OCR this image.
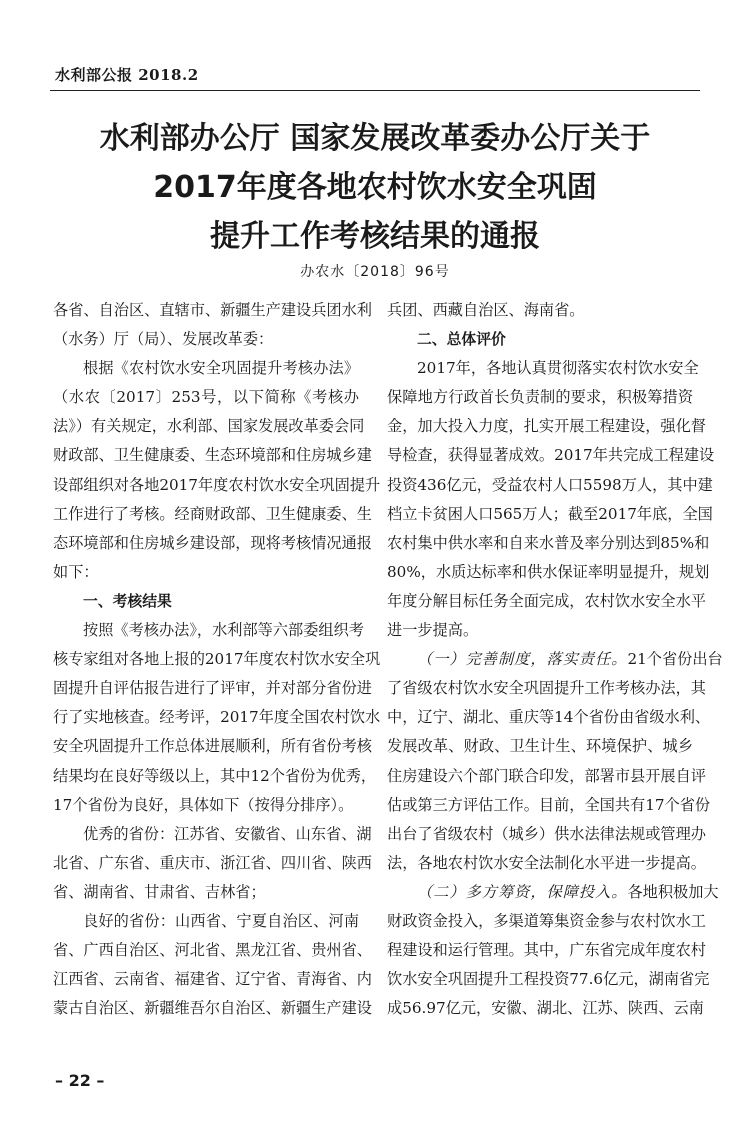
水利部公报 2018.2
水利部办公厅 国家发展改革委办公厅关于
2017年度各地农村饮水安全巩固
提升工作考核结果的通报
办农水〔2018〕96号
各省、自治区、直辖市、新疆生产建设兵团水利
（水务）厅（局）、发展改革委：
根据《农村饮水安全巩固提升考核办法》
（水农〔2017〕253号，以下简称《考核办
法》）有关规定，水利部、国家发展改革委会同
财政部、卫生健康委、生态环境部和住房城乡建
设部组织对各地2017年度农村饮水安全巩固提升
工作进行了考核。经商财政部、卫生健康委、生
态环境部和住房城乡建设部，现将考核情况通报
如下：
一、考核结果
按照《考核办法》，水利部等六部委组织考
核专家组对各地上报的2017年度农村饮水安全巩
固提升自评估报告进行了评审，并对部分省份进
行了实地核查。经考评，2017年度全国农村饮水
安全巩固提升工作总体进展顺利，所有省份考核
结果均在良好等级以上，其中12个省份为优秀，
17个省份为良好，具体如下（按得分排序）。
优秀的省份：江苏省、安徽省、山东省、湖
北省、广东省、重庆市、浙江省、四川省、陕西
省、湖南省、甘肃省、吉林省；
良好的省份：山西省、宁夏自治区、河南
省、广西自治区、河北省、黑龙江省、贵州省、
江西省、云南省、福建省、辽宁省、青海省、内
蒙古自治区、新疆维吾尔自治区、新疆生产建设
兵团、西藏自治区、海南省。
二、总体评价
2017年，各地认真贯彻落实农村饮水安全
保障地方行政首长负责制的要求，积极筹措资
金，加大投入力度，扎实开展工程建设，强化督
导检查，获得显著成效。2017年共完成工程建设
投资436亿元，受益农村人口5598万人，其中建
档立卡贫困人口565万人；截至2017年底，全国
农村集中供水率和自来水普及率分别达到85%和
80%，水质达标率和供水保证率明显提升，规划
年度分解目标任务全面完成，农村饮水安全水平
进一步提高。
（一）完善制度，落实责任。21个省份出台
了省级农村饮水安全巩固提升工作考核办法，其
中，辽宁、湖北、重庆等14个省份由省级水利、
发展改革、财政、卫生计生、环境保护、城乡
住房建设六个部门联合印发，部署市县开展自评
估或第三方评估工作。目前，全国共有17个省份
出台了省级农村（城乡）供水法律法规或管理办
法，各地农村饮水安全法制化水平进一步提高。
（二）多方筹资，保障投入。各地积极加大
财政资金投入，多渠道筹集资金参与农村饮水工
程建设和运行管理。其中，广东省完成年度农村
饮水安全巩固提升工程投资77.6亿元，湖南省完
成56.97亿元，安徽、湖北、江苏、陕西、云南
– 22 –
